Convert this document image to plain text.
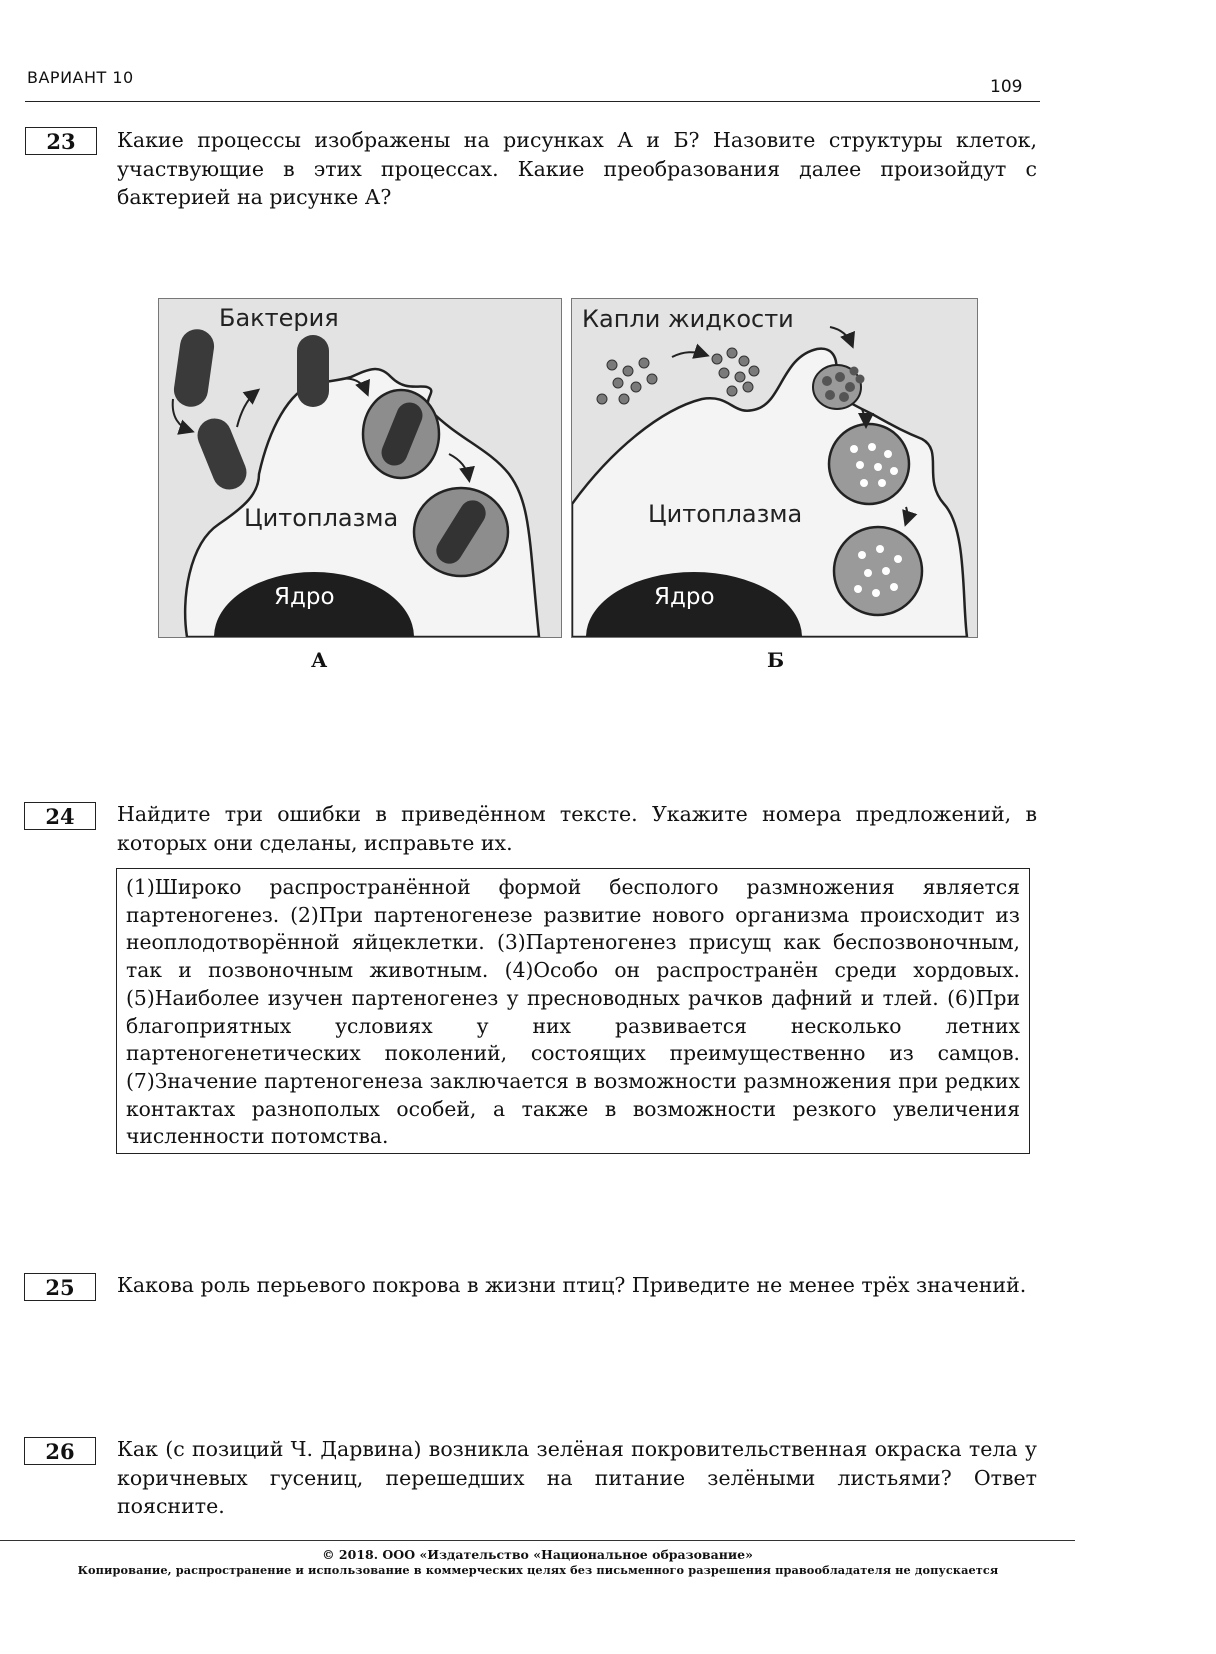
ВАРИАНТ 10	109
23	Какие процессы изображены на рисунках А и Б? Назовите структуры клеток, участвующие в этих процессах. Какие преобразования далее произойдут с бактерией на рисунке А?
Бактерия
Цитоплазма
Ядро
А
Капли жидкости
Цитоплазма
Ядро
Б
24	Найдите три ошибки в приведённом тексте. Укажите номера предложений, в которых они сделаны, исправьте их.
(1)Широко распространённой формой бесполого размножения является партеногенез. (2)При партеногенезе развитие нового организма происходит из неоплодотворённой яйцеклетки. (3)Партеногенез присущ как беспозвоночным, так и позвоночным животным. (4)Особо он распространён среди хордовых. (5)Наиболее изучен партеногенез у пресноводных рачков дафний и тлей. (6)При благоприятных условиях у них развивается несколько летних партеногенетических поколений, состоящих преимущественно из самцов. (7)Значение партеногенеза заключается в возможности размножения при редких контактах разнополых особей, а также в возможности резкого увеличения численности потомства.
25	Какова роль перьевого покрова в жизни птиц? Приведите не менее трёх значений.
26	Как (с позиций Ч. Дарвина) возникла зелёная покровительственная окраска тела у коричневых гусениц, перешедших на питание зелёными листьями? Ответ поясните.
© 2018. ООО «Издательство «Национальное образование»
Копирование, распространение и использование в коммерческих целях без письменного разрешения правообладателя не допускается
